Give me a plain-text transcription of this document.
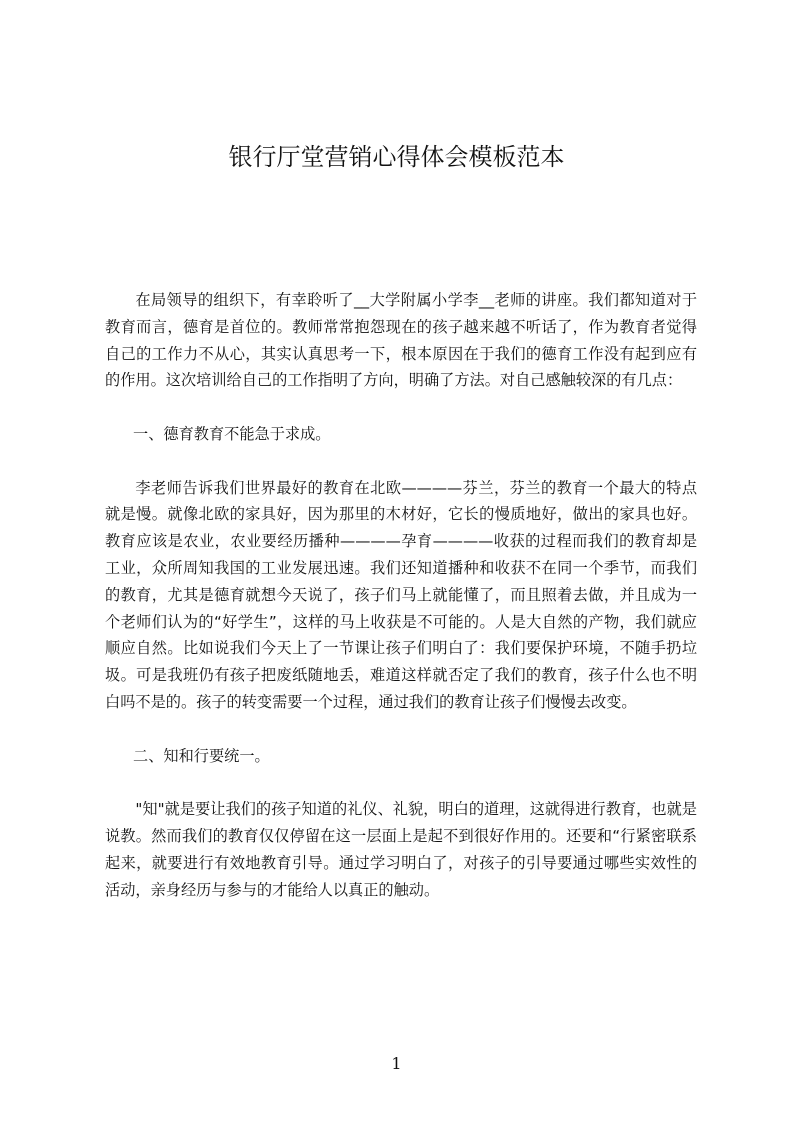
银行厅堂营销心得体会模板范本

在局领导的组织下，有幸聆听了__大学附属小学李__老师的讲座。我们都知道对于教育而言，德育是首位的。教师常常抱怨现在的孩子越来越不听话了，作为教育者觉得自己的工作力不从心，其实认真思考一下，根本原因在于我们的德育工作没有起到应有的作用。这次培训给自己的工作指明了方向，明确了方法。对自己感触较深的有几点：

一、德育教育不能急于求成。

李老师告诉我们世界最好的教育在北欧————芬兰，芬兰的教育一个最大的特点就是慢。就像北欧的家具好，因为那里的木材好，它长的慢质地好，做出的家具也好。教育应该是农业，农业要经历播种————孕育————收获的过程而我们的教育却是工业，众所周知我国的工业发展迅速。我们还知道播种和收获不在同一个季节，而我们的教育，尤其是德育就想今天说了，孩子们马上就能懂了，而且照着去做，并且成为一个老师们认为的“好学生”，这样的马上收获是不可能的。人是大自然的产物，我们就应顺应自然。比如说我们今天上了一节课让孩子们明白了：我们要保护环境，不随手扔垃圾。可是我班仍有孩子把废纸随地丢，难道这样就否定了我们的教育，孩子什么也不明白吗不是的。孩子的转变需要一个过程，通过我们的教育让孩子们慢慢去改变。

二、知和行要统一。

"知"就是要让我们的孩子知道的礼仪、礼貌，明白的道理，这就得进行教育，也就是说教。然而我们的教育仅仅停留在这一层面上是起不到很好作用的。还要和“行紧密联系起来，就要进行有效地教育引导。通过学习明白了，对孩子的引导要通过哪些实效性的活动，亲身经历与参与的才能给人以真正的触动。

1
